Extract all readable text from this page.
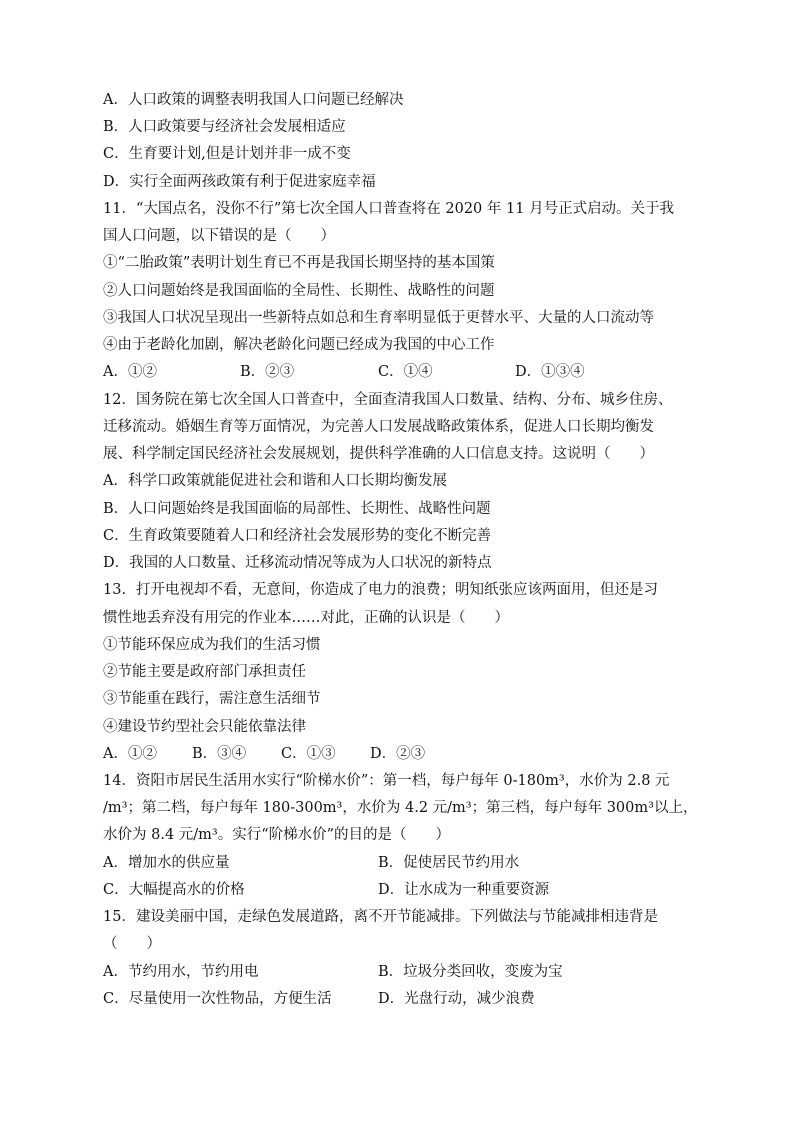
A．人口政策的调整表明我国人口问题已经解决
B．人口政策要与经济社会发展相适应
C．生育要计划,但是计划并非一成不变
D．实行全面两孩政策有利于促进家庭幸福
11．“大国点名，没你不行”第七次全国人口普查将在 2020 年 11 月号正式启动。关于我
国人口问题，以下错误的是（　　）
①“二胎政策”表明计划生育已不再是我国长期坚持的基本国策
②人口问题始终是我国面临的全局性、长期性、战略性的问题
③我国人口状况呈现出一些新特点如总和生育率明显低于更替水平、大量的人口流动等
④由于老龄化加剧，解决老龄化问题已经成为我国的中心工作
A．①②	B．②③	C．①④	D．①③④
12．国务院在第七次全国人口普查中，全面查清我国人口数量、结构、分布、城乡住房、
迁移流动。婚姻生育等万面情况，为完善人口发展战略政策体系，促进人口长期均衡发
展、科学制定国民经济社会发展规划，提供科学准确的人口信息支持。这说明（　　）
A．科学口政策就能促进社会和谐和人口长期均衡发展
B．人口问题始终是我国面临的局部性、长期性、战略性问题
C．生育政策要随着人口和经济社会发展形势的变化不断完善
D．我国的人口数量、迁移流动情况等成为人口状况的新特点
13．打开电视却不看，无意间，你造成了电力的浪费；明知纸张应该两面用，但还是习
惯性地丢弃没有用完的作业本……对此，正确的认识是（　　）
①节能环保应成为我们的生活习惯
②节能主要是政府部门承担责任
③节能重在践行，需注意生活细节
④建设节约型社会只能依靠法律
A．①② B．③④ C．①③ D．②③
14．资阳市居民生活用水实行“阶梯水价”：第一档，每户每年 0-180m³，水价为 2.8 元
/m³；第二档，每户每年 180-300m³，水价为 4.2 元/m³；第三档，每户每年 300m³以上，
水价为 8.4 元/m³。实行“阶梯水价”的目的是（　　）
A．增加水的供应量	B．促使居民节约用水
C．大幅提高水的价格	D．让水成为一种重要资源
15．建设美丽中国，走绿色发展道路，离不开节能减排。下列做法与节能减排相违背是
（　　）
A．节约用水，节约用电	B．垃圾分类回收，变废为宝
C．尽量使用一次性物品，方便生活	D．光盘行动，减少浪费
